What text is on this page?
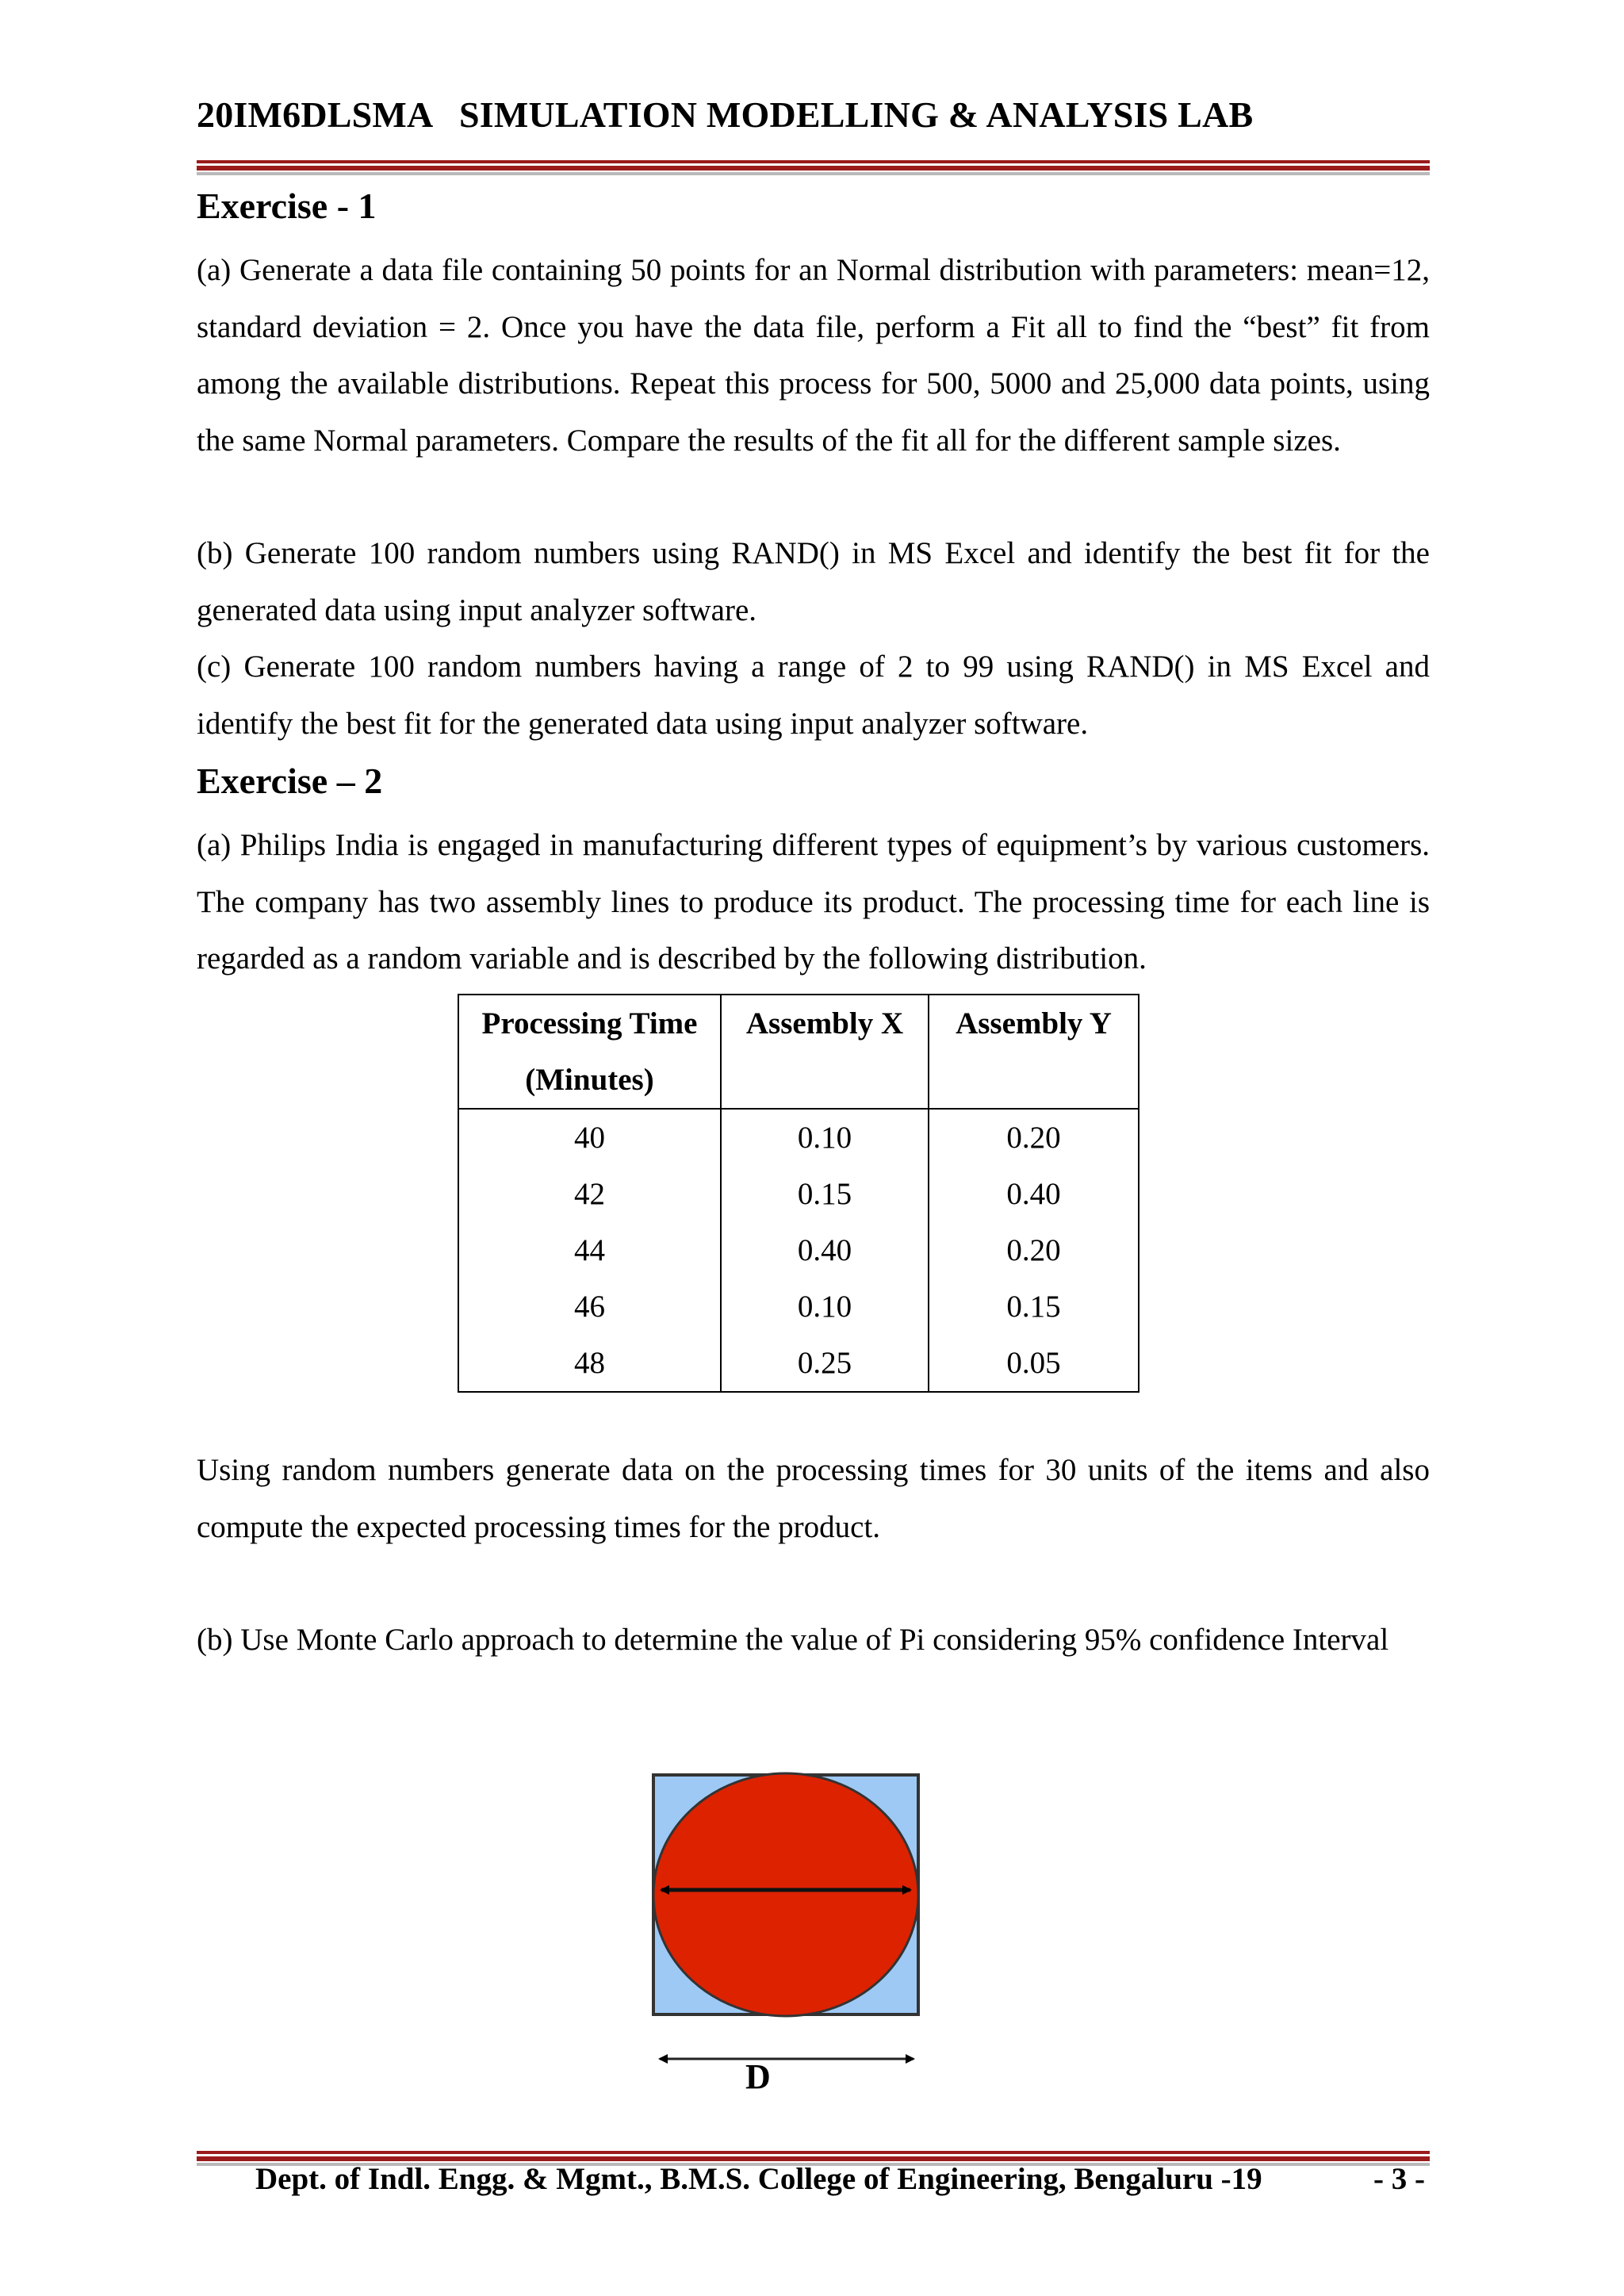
20IM6DLSMA   SIMULATION MODELLING & ANALYSIS LAB
Exercise - 1
(a) Generate a data file containing 50 points for an Normal distribution with parameters: mean=12, standard deviation = 2. Once you have the data file, perform a Fit all to find the “best” fit from among the available distributions. Repeat this process for 500, 5000 and 25,000 data points, using the same Normal parameters. Compare the results of the fit all for the different sample sizes.
(b) Generate 100 random numbers using RAND() in MS Excel and identify the best fit for the generated data using input analyzer software.
(c) Generate 100 random numbers having a range of 2 to 99 using RAND() in MS Excel and identify the best fit for the generated data using input analyzer software.
Exercise – 2
(a) Philips India is engaged in manufacturing different types of equipment’s by various customers. The company has two assembly lines to produce its product. The processing time for each line is regarded as a random variable and is described by the following distribution.
Processing Time
(Minutes)	Assembly X	Assembly Y
40	0.10	0.20
42	0.15	0.40
44	0.40	0.20
46	0.10	0.15
48	0.25	0.05
Using random numbers generate data on the processing times for 30 units of the items and also compute the expected processing times for the product.
(b) Use Monte Carlo approach to determine the value of Pi considering 95% confidence Interval
D
Dept. of Indl. Engg. & Mgmt., B.M.S. College of Engineering, Bengaluru -19	- 3 -
